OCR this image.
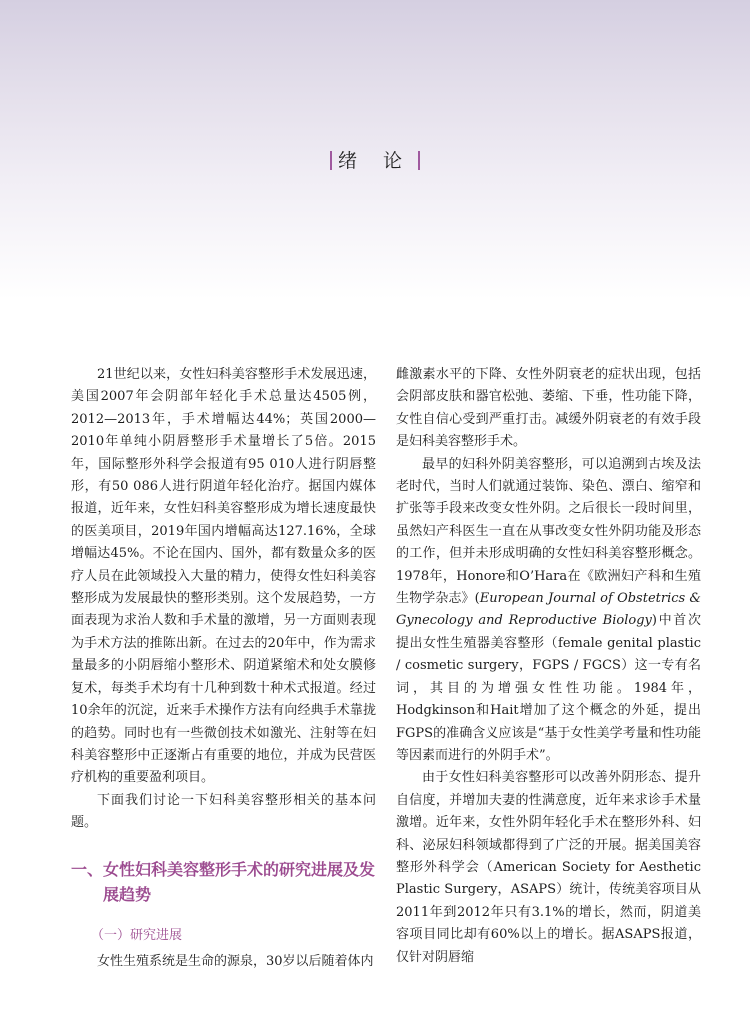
绪 论

21世纪以来，女性妇科美容整形手术发展迅速，美国2007年会阴部年轻化手术总量达4505例，2012—2013年，手术增幅达44%；英国2000—2010年单纯小阴唇整形手术量增长了5倍。2015年，国际整形外科学会报道有95 010人进行阴唇整形，有50 086人进行阴道年轻化治疗。据国内媒体报道，近年来，女性妇科美容整形成为增长速度最快的医美项目，2019年国内增幅高达127.16%，全球增幅达45%。不论在国内、国外，都有数量众多的医疗人员在此领域投入大量的精力，使得女性妇科美容整形成为发展最快的整形类别。这个发展趋势，一方面表现为求治人数和手术量的激增，另一方面则表现为手术方法的推陈出新。在过去的20年中，作为需求量最多的小阴唇缩小整形术、阴道紧缩术和处女膜修复术，每类手术均有十几种到数十种术式报道。经过10余年的沉淀，近来手术操作方法有向经典手术靠拢的趋势。同时也有一些微创技术如激光、注射等在妇科美容整形中正逐渐占有重要的地位，并成为民营医疗机构的重要盈利项目。

下面我们讨论一下妇科美容整形相关的基本问题。

一、女性妇科美容整形手术的研究进展及发展趋势
（一）研究进展

女性生殖系统是生命的源泉，30岁以后随着体内

雌激素水平的下降、女性外阴衰老的症状出现，包括会阴部皮肤和器官松弛、萎缩、下垂，性功能下降，女性自信心受到严重打击。减缓外阴衰老的有效手段是妇科美容整形手术。

最早的妇科外阴美容整形，可以追溯到古埃及法老时代，当时人们就通过装饰、染色、漂白、缩窄和扩张等手段来改变女性外阴。之后很长一段时间里，虽然妇产科医生一直在从事改变女性外阴功能及形态的工作，但并未形成明确的女性妇科美容整形概念。1978年，Honore和O’Hara在《欧洲妇产科和生殖生物学杂志》(European Journal of Obstetrics & Gynecology and Reproductive Biology)中首次提出女性生殖器美容整形（female genital plastic / cosmetic surgery，FGPS / FGCS）这一专有名词，其目的为增强女性性功能。1984年，Hodgkinson和Hait增加了这个概念的外延，提出FGPS的准确含义应该是“基于女性美学考量和性功能等因素而进行的外阴手术”。

由于女性妇科美容整形可以改善外阴形态、提升自信度，并增加夫妻的性满意度，近年来求诊手术量激增。近年来，女性外阴年轻化手术在整形外科、妇科、泌尿妇科领域都得到了广泛的开展。据美国美容整形外科学会（American Society for Aesthetic Plastic Surgery，ASAPS）统计，传统美容项目从2011年到2012年只有3.1%的增长，然而，阴道美容项目同比却有60%以上的增长。据ASAPS报道，仅针对阴唇缩
